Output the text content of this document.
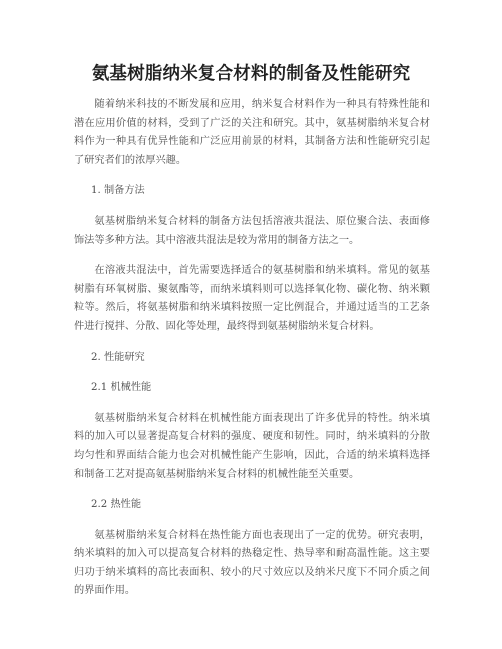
氨基树脂纳米复合材料的制备及性能研究

随着纳米科技的不断发展和应用，纳米复合材料作为一种具有特殊性能和潜在应用价值的材料，受到了广泛的关注和研究。其中，氨基树脂纳米复合材料作为一种具有优异性能和广泛应用前景的材料，其制备方法和性能研究引起了研究者们的浓厚兴趣。

1. 制备方法

氨基树脂纳米复合材料的制备方法包括溶液共混法、原位聚合法、表面修饰法等多种方法。其中溶液共混法是较为常用的制备方法之一。

在溶液共混法中，首先需要选择适合的氨基树脂和纳米填料。常见的氨基树脂有环氧树脂、聚氨酯等，而纳米填料则可以选择氧化物、碳化物、纳米颗粒等。然后，将氨基树脂和纳米填料按照一定比例混合，并通过适当的工艺条件进行搅拌、分散、固化等处理，最终得到氨基树脂纳米复合材料。

2. 性能研究

2.1 机械性能

氨基树脂纳米复合材料在机械性能方面表现出了许多优异的特性。纳米填料的加入可以显著提高复合材料的强度、硬度和韧性。同时，纳米填料的分散均匀性和界面结合能力也会对机械性能产生影响，因此，合适的纳米填料选择和制备工艺对提高氨基树脂纳米复合材料的机械性能至关重要。

2.2 热性能

氨基树脂纳米复合材料在热性能方面也表现出了一定的优势。研究表明，纳米填料的加入可以提高复合材料的热稳定性、热导率和耐高温性能。这主要归功于纳米填料的高比表面积、较小的尺寸效应以及纳米尺度下不同介质之间的界面作用。
